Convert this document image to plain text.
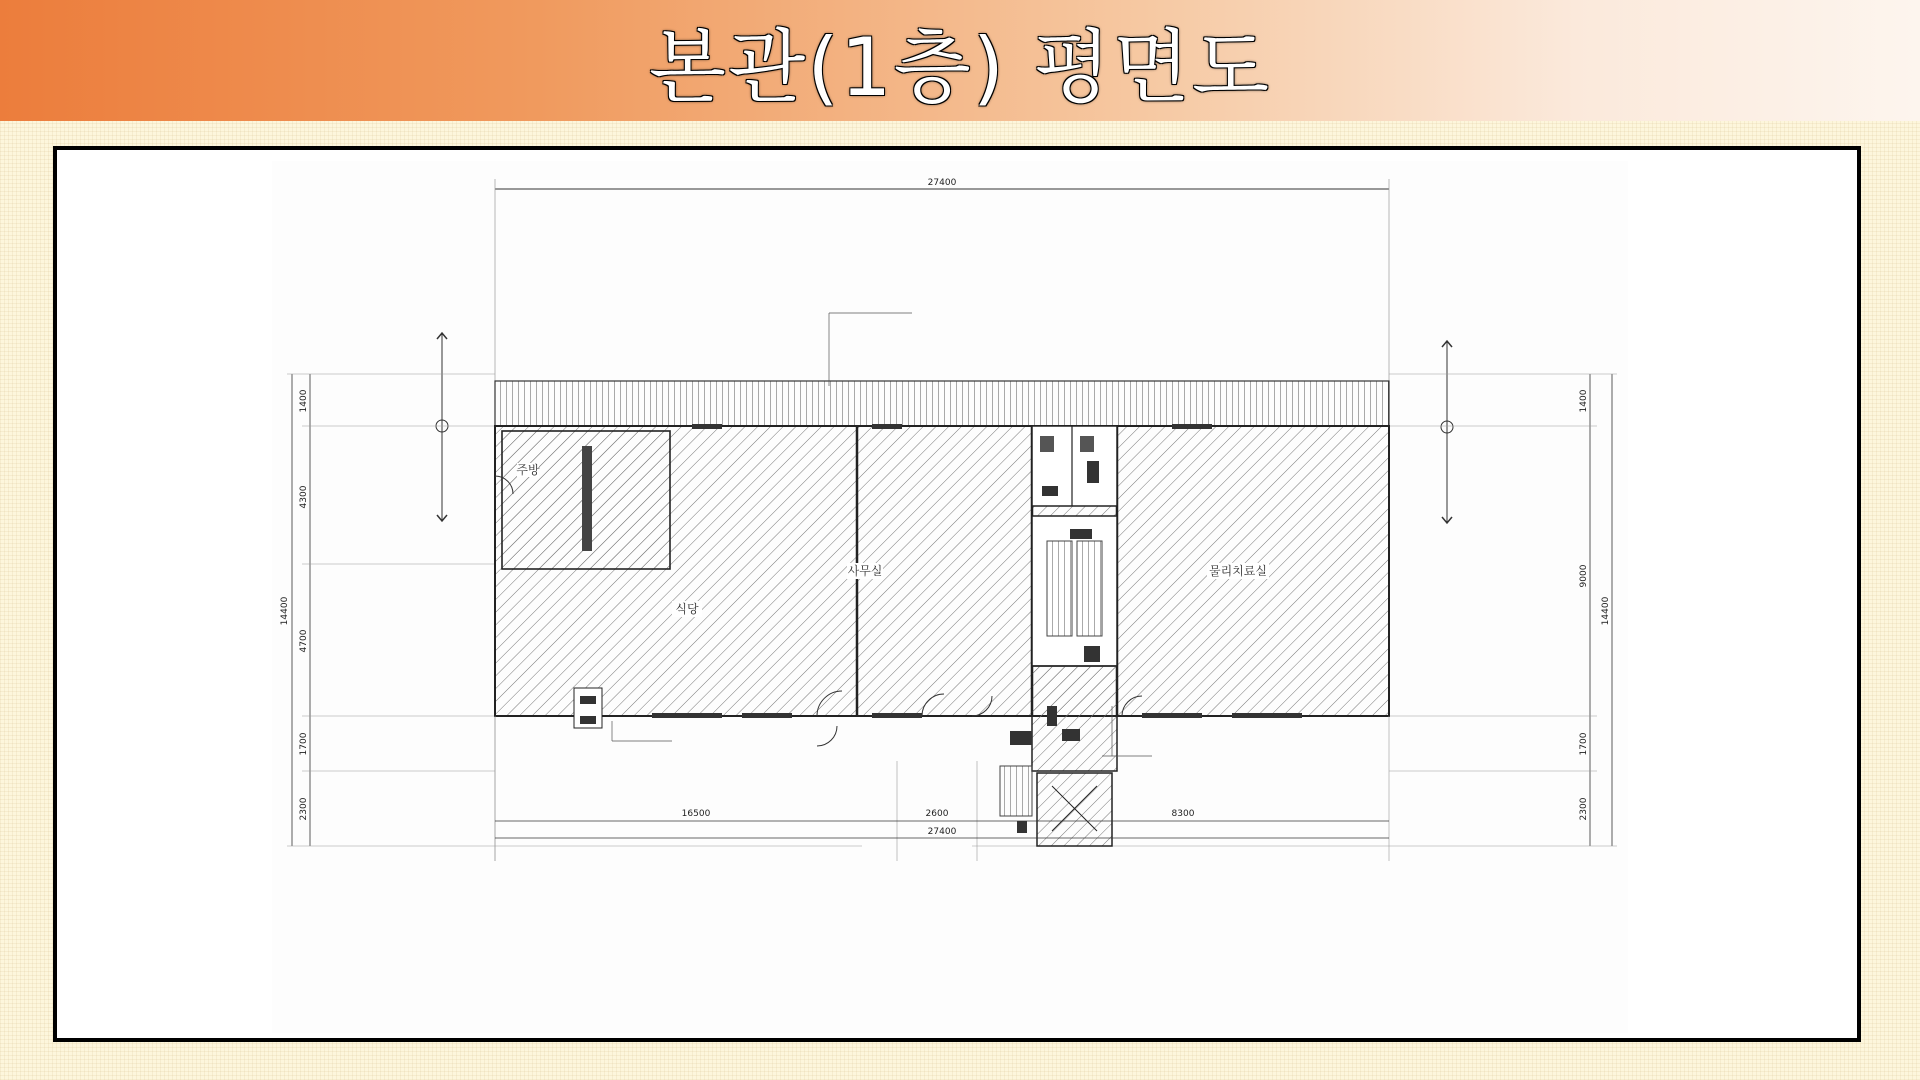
본관(1층) 평면도
27400
1400
4300
4700
1700
2300
14400
1400
9000
1700
2300
14400
주방
식당
사무실	물리치료실
16500	2600	8300
27400
